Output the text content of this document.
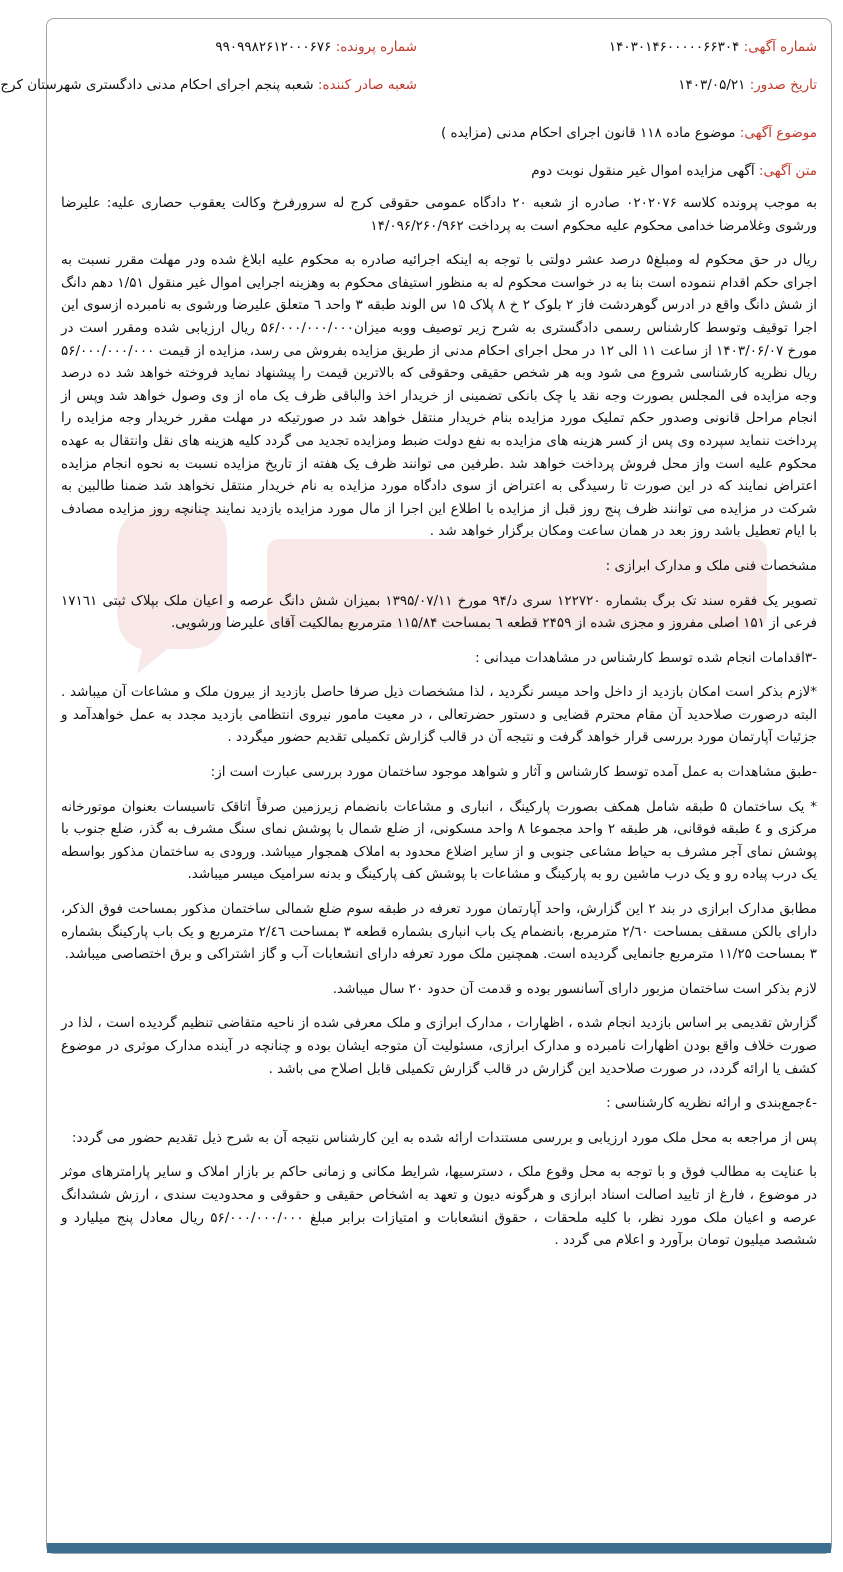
شماره آگهی: ۱۴۰۳۰۱۴۶۰۰۰۰۰۶۶۳۰۴
شماره پرونده: ۹۹۰۹۹۸۲۶۱۲۰۰۰۶۷۶
تاریخ صدور: ۱۴۰۳/۰۵/۲۱
شعبه صادر کننده: شعبه پنجم اجرای احکام مدنی دادگستری شهرستان کرج
موضوع آگهی: موضوع ماده ۱۱۸ قانون اجرای احکام مدنی (مزایده )
متن آگهی: آگهی مزایده اموال غیر منقول نوبت دوم

به موجب پرونده کلاسه ۰۲۰۲۰۷۶ صادره از شعبه ۲۰ دادگاه عمومی حقوقی کرج له سرورفرخ وکالت یعقوب حصاری علیه: علیرضا ورشوی وغلامرضا خدامی محکوم علیه محکوم است به پرداخت ۱۴/۰۹۶/۲۶۰/۹۶۲

ریال در حق محکوم له ومبلغ۵ درصد عشر دولتی با توجه به اینکه اجرائیه صادره به محکوم علیه ابلاغ شده ودر مهلت مقرر نسبت به اجرای حکم اقدام ننموده است بنا به در خواست محکوم له به منظور استیفای محکوم به وهزینه اجرایی اموال غیر منقول ۱/۵۱ دهم دانگ از شش دانگ واقع در ادرس گوهردشت فاز ۲ بلوک ۲ خ ۸ پلاک ۱۵ س الوند طبقه ۳ واحد ٦ متعلق علیرضا ورشوی به نامبرده ازسوی این اجرا توقیف وتوسط کارشناس رسمی دادگستری به شرح زیر توصیف ووبه میزان۵۶/۰۰۰/۰۰۰/۰۰۰ ریال ارزیابی شده ومقرر است در مورخ ۱۴۰۳/۰۶/۰۷ از ساعت ۱۱ الی ۱۲ در محل اجرای احکام مدنی از طریق مزایده بفروش می رسد، مزایده از قیمت ۵۶/۰۰۰/۰۰۰/۰۰۰ ریال نظریه کارشناسی شروع می شود وبه هر شخص حقیقی وحقوقی که بالاترین قیمت را پیشنهاد نماید فروخته خواهد شد ده درصد وجه مزایده فی المجلس بصورت وجه نقد یا چک بانکی تضمینی از خریدار اخذ والباقی ظرف یک ماه از وی وصول خواهد شد وپس از انجام مراحل قانونی وصدور حکم تملیک مورد مزایده بنام خریدار منتقل خواهد شد در صورتیکه در مهلت مقرر خریدار وجه مزایده را پرداخت ننماید سپرده وی پس از کسر هزینه های مزایده به نفع دولت ضبط ومزایده تجدید می گردد کلیه هزینه های نقل وانتقال به عهده محکوم علیه است واز محل فروش پرداخت خواهد شد .طرفین می توانند ظرف یک هفته از تاریخ مزایده نسبت به نحوه انجام مزایده اعتراض نمایند که در این صورت تا رسیدگی به اعتراض از سوی دادگاه مورد مزایده به نام خریدار منتقل نخواهد شد ضمنا طالبین به شرکت در مزایده می توانند ظرف پنج روز قبل از مزایده با اطلاع این اجرا از مال مورد مزایده بازدید نمایند چنانچه روز مزایده مصادف با ایام تعطیل باشد روز بعد در همان ساعت ومکان برگزار خواهد شد .

مشخصات فنی ملک و مدارک ابرازی :

تصویر یک فقره سند تک برگ بشماره ۱۲۲۷۲۰ سری د/۹۴ مورخ ۱۳۹۵/۰۷/۱۱ بمیزان شش دانگ عرصه و اعیان ملک بپلاک ثبتی ۱۷۱٦۱ فرعی از ۱۵۱ اصلی مفروز و مجزی شده از ۲۴۵۹ قطعه ٦ بمساحت ۱۱۵/۸۴ مترمربع بمالکیت آقای علیرضا ورشویی.

-۳اقدامات انجام شده توسط کارشناس در مشاهدات میدانی :

*لازم بذکر است امکان بازدید از داخل واحد میسر نگردید ، لذا مشخصات ذیل صرفا حاصل بازدید از بیرون ملک و مشاعات آن میباشد . البته درصورت صلاحدید آن مقام محترم قضایی و دستور حضرتعالی ، در معیت مامور نیروی انتظامی بازدید مجدد به عمل خواهدآمد و جزئیات آپارتمان مورد بررسی قرار خواهد گرفت و نتیجه آن در قالب گزارش تکمیلی تقدیم حضور میگردد .

-طبق مشاهدات به عمل آمده توسط کارشناس و آثار و شواهد موجود ساختمان مورد بررسی عبارت است از:

* یک ساختمان ۵ طبقه شامل همکف بصورت پارکینگ ، انباری و مشاعات بانضمام زیرزمین صرفاً اتاقک تاسیسات بعنوان موتورخانه مرکزی و ٤ طبقه فوقانی، هر طبقه ۲ واحد مجموعا ۸ واحد مسکونی، از ضلع شمال با پوشش نمای سنگ مشرف به گذر، ضلع جنوب با پوشش نمای آجر مشرف به حیاط مشاعی جنوبی و از سایر اضلاع محدود به املاک همجوار میباشد. ورودی به ساختمان مذکور بواسطه یک درب پیاده رو و یک درب ماشین رو به پارکینگ و مشاعات با پوشش کف پارکینگ و بدنه سرامیک میسر میباشد.

مطابق مدارک ابرازی در بند ۲ این گزارش، واحد آپارتمان مورد تعرفه در طبقه سوم ضلع شمالی ساختمان مذکور بمساحت فوق الذکر، دارای بالکن مسقف بمساحت ۲/٦۰ مترمربع، بانضمام یک باب انباری بشماره قطعه ۳ بمساحت ۲/٤٦ مترمربع و یک باب پارکینگ بشماره ۳ بمساحت ۱۱/۲۵ مترمربع جانمایی گردیده است. همچنین ملک مورد تعرفه دارای انشعابات آب و گاز اشتراکی و برق اختصاصی میباشد.

لازم بذکر است ساختمان مزبور دارای آسانسور بوده و قدمت آن حدود ۲۰ سال میباشد.

گزارش تقدیمی بر اساس بازدید انجام شده ، اظهارات ، مدارک ابرازی و ملک معرفی شده از ناحیه متقاضی تنظیم گردیده است ، لذا در صورت خلاف واقع بودن اظهارات نامبرده و مدارک ابرازی، مسئولیت آن متوجه ایشان بوده و چنانچه در آینده مدارک موثری در موضوع کشف یا ارائه گردد، در صورت صلاحدید این گزارش در قالب گزارش تکمیلی قابل اصلاح می باشد .

-٤جمع‌بندی و ارائه نظریه کارشناسی :

پس از مراجعه به محل ملک مورد ارزیابی و بررسی مستندات ارائه شده به این کارشناس نتیجه آن به شرح ذیل تقدیم حضور می گردد:

با عنایت به مطالب فوق و با توجه به محل وقوع ملک ، دسترسیها، شرایط مکانی و زمانی حاکم بر بازار املاک و سایر پارامترهای موثر در موضوع ، فارغ از تایید اصالت اسناد ابرازی و هرگونه دیون و تعهد به اشخاص حقیقی و حقوقی و محدودیت سندی ، ارزش ششدانگ عرصه و اعیان ملک مورد نظر، با کلیه ملحقات ، حقوق انشعابات و امتیازات برابر مبلغ ۵۶/۰۰۰/۰۰۰/۰۰۰ ریال معادل پنج میلیارد و ششصد میلیون تومان برآورد و اعلام می گردد .
